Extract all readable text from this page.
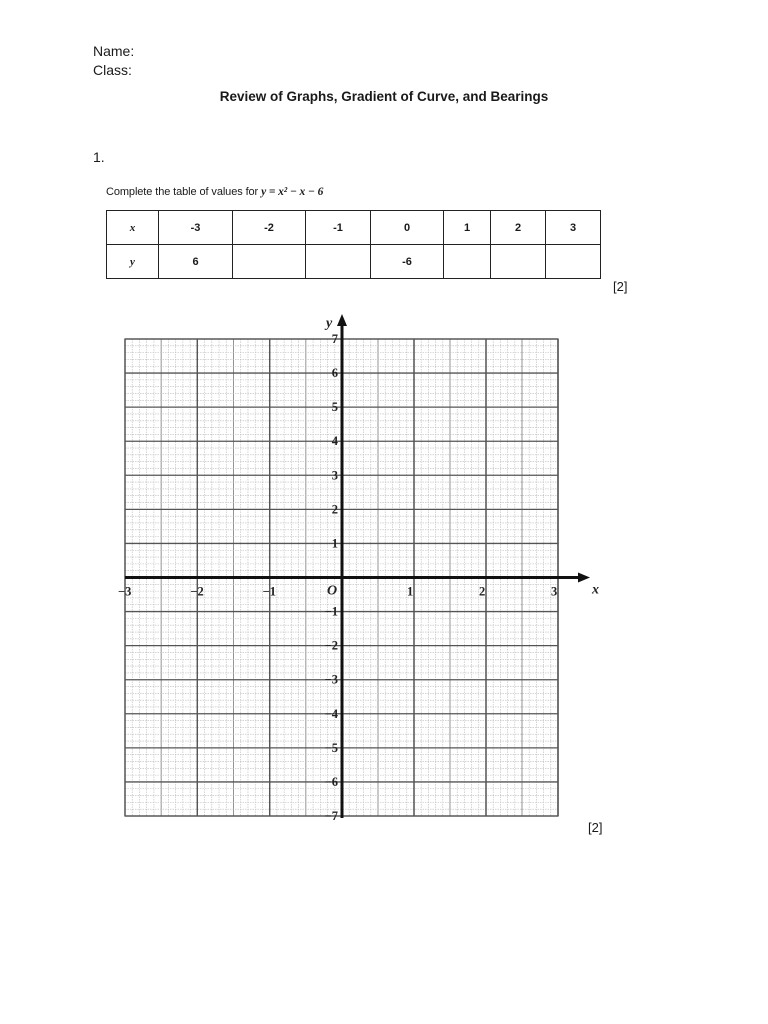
Name:
Class:
Review of Graphs, Gradient of Curve, and Bearings
1.
Complete the table of values for y = x² − x − 6
x	-3	-2	-1	0	1	2	3
y	6			-6			
[2]
x
y
O
−3	−2	−1	1	2	3
7
6
5
4
3
2
1
−1
−2
−3
−4
−5
−6
−7
[2]
